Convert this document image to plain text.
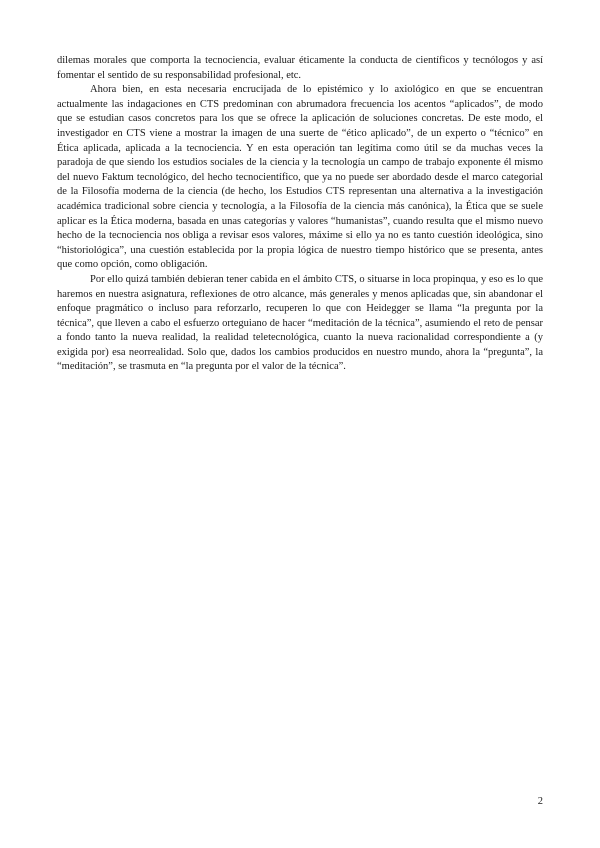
dilemas morales que comporta la tecnociencia, evaluar éticamente la conducta de científicos y tecnólogos y así fomentar el sentido de su responsabilidad profesional, etc.

Ahora bien, en esta necesaria encrucijada de lo epistémico y lo axiológico en que se encuentran actualmente las indagaciones en CTS predominan con abrumadora frecuencia los acentos “aplicados”, de modo que se estudian casos concretos para los que se ofrece la aplicación de soluciones concretas. De este modo, el investigador en CTS viene a mostrar la imagen de una suerte de “ético aplicado”, de un experto o “técnico” en Ética aplicada, aplicada a la tecnociencia. Y en esta operación tan legítima como útil se da muchas veces la paradoja de que siendo los estudios sociales de la ciencia y la tecnología un campo de trabajo exponente él mismo del nuevo Faktum tecnológico, del hecho tecnocientífico, que ya no puede ser abordado desde el marco categorial de la Filosofía moderna de la ciencia (de hecho, los Estudios CTS representan una alternativa a la investigación académica tradicional sobre ciencia y tecnología, a la Filosofía de la ciencia más canónica), la Ética que se suele aplicar es la Ética moderna, basada en unas categorías y valores “humanistas”, cuando resulta que el mismo nuevo hecho de la tecnociencia nos obliga a revisar esos valores, máxime si ello ya no es tanto cuestión ideológica, sino “historiológica”, una cuestión establecida por la propia lógica de nuestro tiempo histórico que se presenta, antes que como opción, como obligación.

Por ello quizá también debieran tener cabida en el ámbito CTS, o situarse in loca propinqua, y eso es lo que haremos en nuestra asignatura, reflexiones de otro alcance, más generales y menos aplicadas que, sin abandonar el enfoque pragmático o incluso para reforzarlo, recuperen lo que con Heidegger se llama “la pregunta por la técnica”, que lleven a cabo el esfuerzo orteguiano de hacer “meditación de la técnica”, asumiendo el reto de pensar a fondo tanto la nueva realidad, la realidad teletecnológica, cuanto la nueva racionalidad correspondiente a (y exigida por) esa neorrealidad. Solo que, dados los cambios producidos en nuestro mundo, ahora la “pregunta”, la “meditación”, se trasmuta en “la pregunta por el valor de la técnica”.

2
